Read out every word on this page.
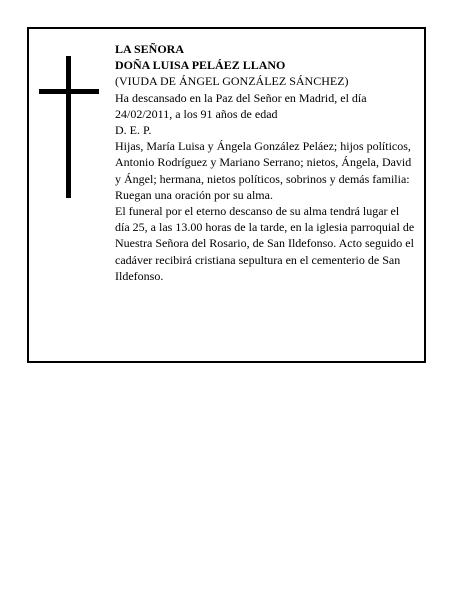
LA SEÑORA

DOÑA LUISA PELÁEZ LLANO

(VIUDA DE ÁNGEL GONZÁLEZ SÁNCHEZ)

Ha descansado en la Paz del Señor en Madrid, el día 24/02/2011, a los 91 años de edad

D. E. P.

Hijas, María Luisa y Ángela González Peláez; hijos políticos, Antonio Rodríguez y Mariano Serrano; nietos, Ángela, David y Ángel; hermana, nietos políticos, sobrinos y demás familia:

Ruegan una oración por su alma.

El funeral por el eterno descanso de su alma tendrá lugar el día 25, a las 13.00 horas de la tarde, en la iglesia parroquial de Nuestra Señora del Rosario, de San Ildefonso. Acto seguido el cadáver recibirá cristiana sepultura en el cementerio de San Ildefonso.
